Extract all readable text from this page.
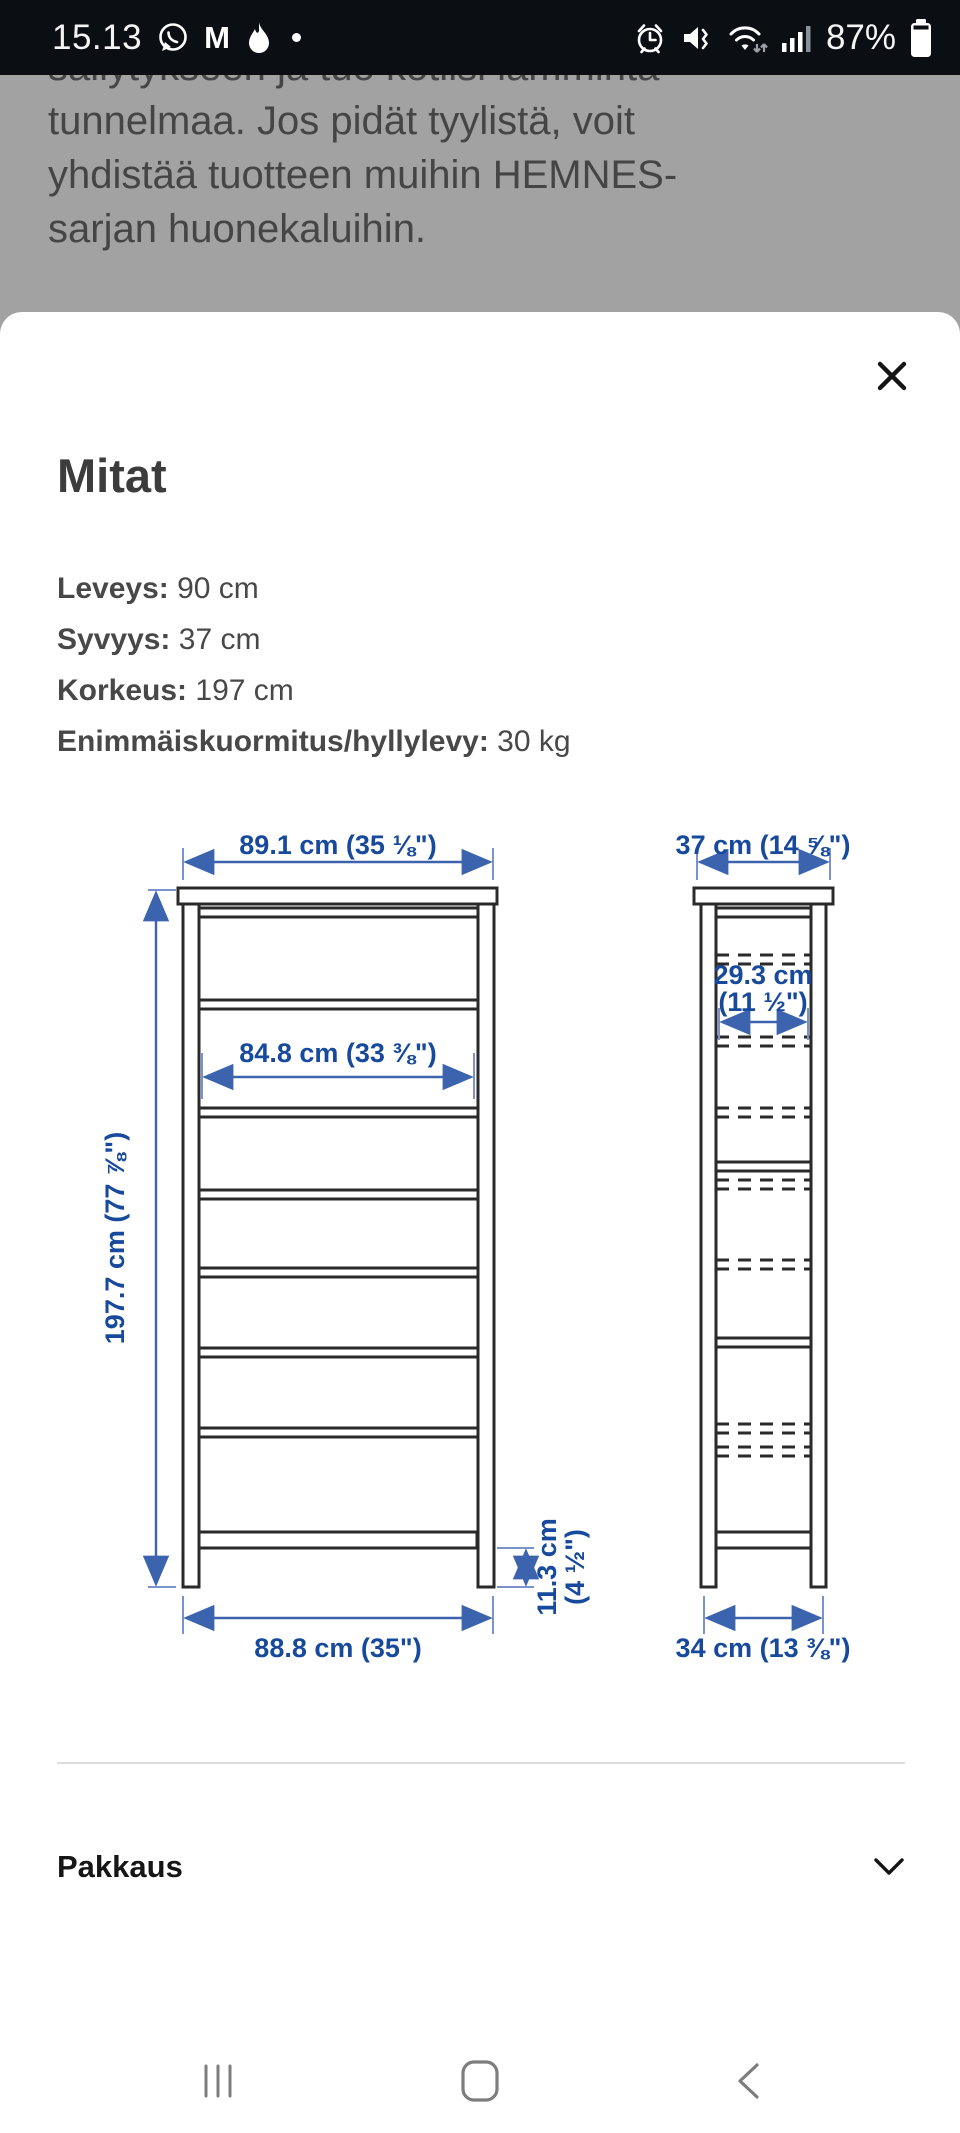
tunnelmaa. Jos pidät tyylistä, voit
yhdistää tuotteen muihin HEMNES-
sarjan huonekaluihin.
15.13 M	87%
Mitat
Leveys: 90 cm
Syvyys: 37 cm
Korkeus: 197 cm
Enimmäiskuormitus/hyllylevy: 30 kg
89.1 cm (35 ⅛")
84.8 cm (33 ⅜")
197.7 cm (77 ⅞")
11.3 cm
(4 ½")
88.8 cm (35")
37 cm (14 ⅝")
29.3 cm
(11 ½")
34 cm (13 ⅜")
Pakkaus
